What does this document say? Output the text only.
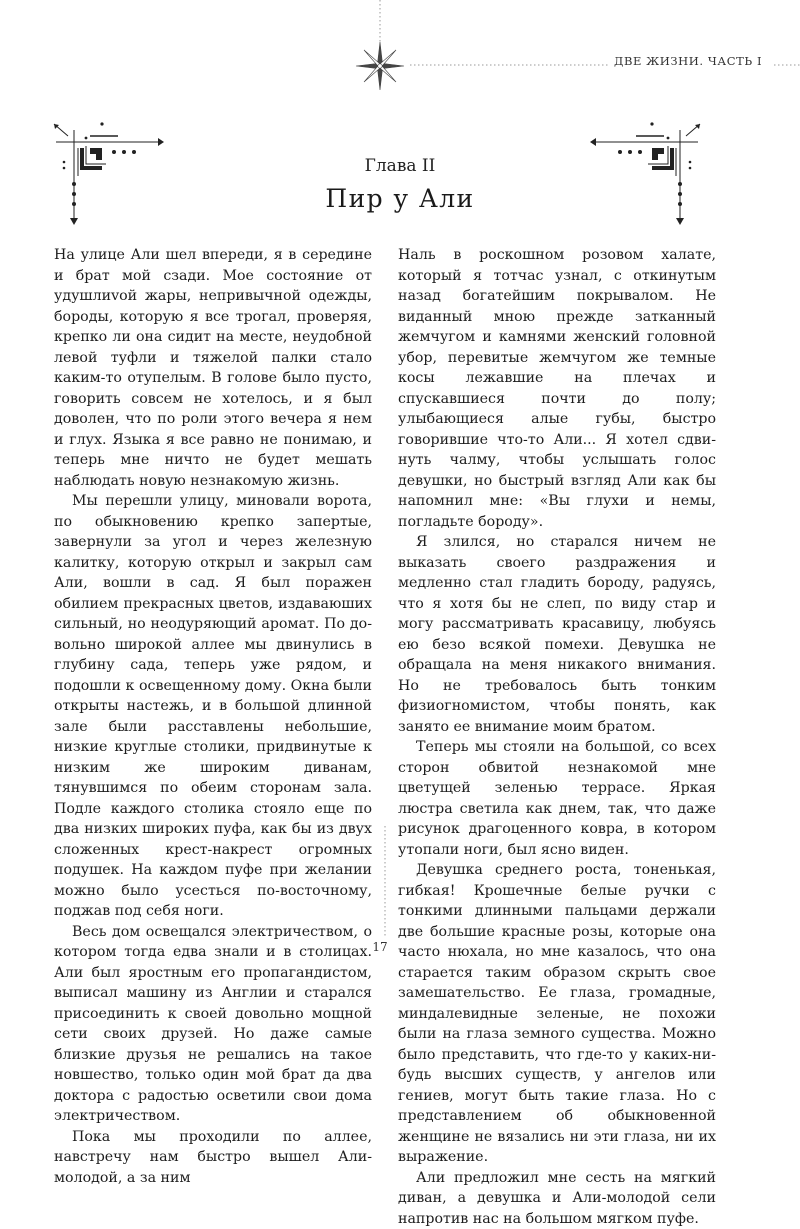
ДВЕ ЖИЗНИ. ЧАСТЬ I
Глава II
Пир у Али

На улице Али шел впереди, я в середине и брат мой сзади. Мое состояние от удушлиvой жары, непривычной одежды, бороды, которую я все трогал, проверяя, крепко ли она сидит на месте, неудобной левой туфли и тяжелой палки стало каким-то отупелым. В голове было пусто, говорить совсем не хотелось, и я был доволен, что по роли этого вечера я нем и глух. Языка я все равно не понимаю, и теперь мне ничто не будет мешать наблюдать новую незнакомую жизнь.

Мы перешли улицу, миновали ворота, по обыкновению крепко запертые, завернули за угол и через железную калитку, которую открыл и закрыл сам Али, вошли в сад. Я был поражен обилием прекрасных цветов, издаваюших сильный, но неодуряющий аромат. По довольно широкой аллее мы двинулись в глубину сада, теперь уже рядом, и подошли к освещенному дому. Окна были открыты настежь, и в большой длинной зале были расставлены небольшие, низкие круглые столики, придвинутые к низким же широким диванам, тянувшимся по обеим сторонам зала. Подле каждого столика стояло еще по два низких широких пуфа, как бы из двух сложенных крест-накрест огромных подушек. На каждом пуфе при желании можно было усесться по-восточному, поджав под себя ноги.

Весь дом освещался электричеством, о котором тогда едва знали и в столицах. Али был яростным его пропагандистом, выписал машину из Англии и старался присоединить к своей довольно мощной сети своих друзей. Но даже самые близкие друзья не решались на такое новшество, только один мой брат да два доктора с радостью осветили свои дома электричеством.

Пока мы проходили по аллее, навстречу нам быстро вышел Али-молодой, а за ним

Наль в роскошном розовом халате, который я тотчас узнал, с откинутым назад богатейшим покрывалом. Не виданный мною прежде затканный жемчугом и камнями женский головной убор, перевитые жемчугом же темные косы лежавшие на плечах и спускавшиеся почти до полу; улыбающиеся алые губы, быстро говорившие что-то Али... Я хотел сдвинуть чалму, чтобы услышать голос девушки, но быстрый взгляд Али как бы напомнил мне: «Вы глухи и немы, погладьте бороду».

Я злился, но старался ничем не выказать своего раздражения и медленно стал гладить бороду, радуясь, что я хотя бы не слеп, по виду стар и могу рассматривать красавицу, любуясь ею безо всякой помехи. Девушка не обращала на меня никакого внимания. Но не требовалось быть тонким физиогномистом, чтобы понять, как занято ее внимание моим братом.

Теперь мы стояли на большой, со всех сторон обвитой незнакомой мне цветущей зеленью террасе. Яркая люстра светила как днем, так, что даже рисунок драгоценного ковра, в котором утопали ноги, был ясно виден.

Девушка среднего роста, тоненькая, гибкая! Крошечные белые ручки с тонкими длинными пальцами держали две большие красные розы, которые она часто нюхала, но мне казалось, что она старается таким образом скрыть свое замешательство. Ее глаза, громадные, миндалевидные зеленые, не похожи были на глаза земного существа. Можно было представить, что где-то у каких-нибудь высших существ, у ангелов или гениев, могут быть такие глаза. Но с представлением об обыкновенной женщине не вязались ни эти глаза, ни их выражение.

Али предложил мне сесть на мягкий диван, а девушка и Али-молодой сели напротив нас на большом мягком пуфе.

17
